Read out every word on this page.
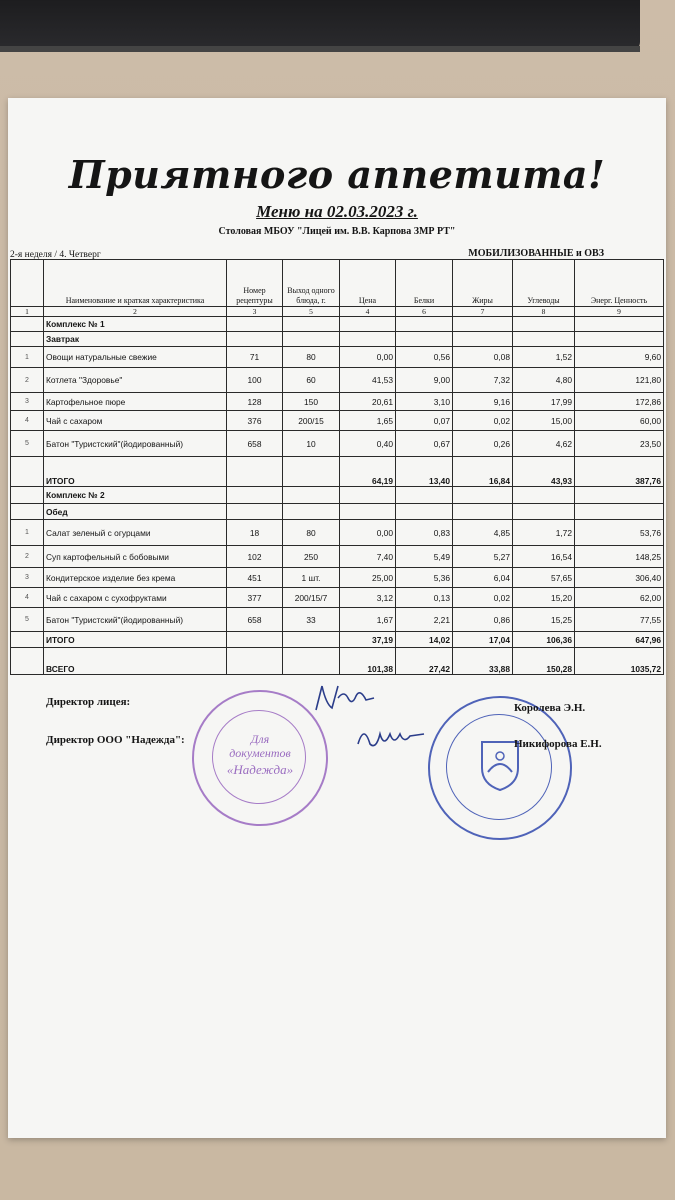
Приятного аппетита!
Меню на 02.03.2023 г.
Столовая МБОУ "Лицей им. В.В. Карпова ЗМР РТ"
2-я неделя / 4. Четверг	МОБИЛИЗОВАННЫЕ и ОВЗ
	Наименование и краткая характеристика	Номер рецептуры	Выход одного блюда, г.	Цена	Белки	Жиры	Углеводы	Энерг. Ценность
1	2	3	5	4	6	7	8	9
	Комплекс № 1							
	Завтрак							
1	Овощи натуральные свежие	71	80	0,00	0,56	0,08	1,52	9,60
2	Котлета "Здоровье"	100	60	41,53	9,00	7,32	4,80	121,80
3	Картофельное пюре	128	150	20,61	3,10	9,16	17,99	172,86
4	Чай с сахаром	376	200/15	1,65	0,07	0,02	15,00	60,00
5	Батон "Туристский"(йодированный)	658	10	0,40	0,67	0,26	4,62	23,50
	ИТОГО			64,19	13,40	16,84	43,93	387,76
	Комплекс № 2							
	Обед							
1	Салат зеленый с огурцами	18	80	0,00	0,83	4,85	1,72	53,76
2	Суп картофельный с бобовыми	102	250	7,40	5,49	5,27	16,54	148,25
3	Кондитерское изделие без крема	451	1 шт.	25,00	5,36	6,04	57,65	306,40
4	Чай с сахаром с сухофруктами	377	200/15/7	3,12	0,13	0,02	15,20	62,00
5	Батон "Туристский"(йодированный)	658	33	1,67	2,21	0,86	15,25	77,55
	ИТОГО			37,19	14,02	17,04	106,36	647,96
	ВСЕГО			101,38	27,42	33,88	150,28	1035,72
Для
документов
«Надежда»
Директор лицея:	Королева Э.Н.
Директор ООО "Надежда":	Никифорова Е.Н.
